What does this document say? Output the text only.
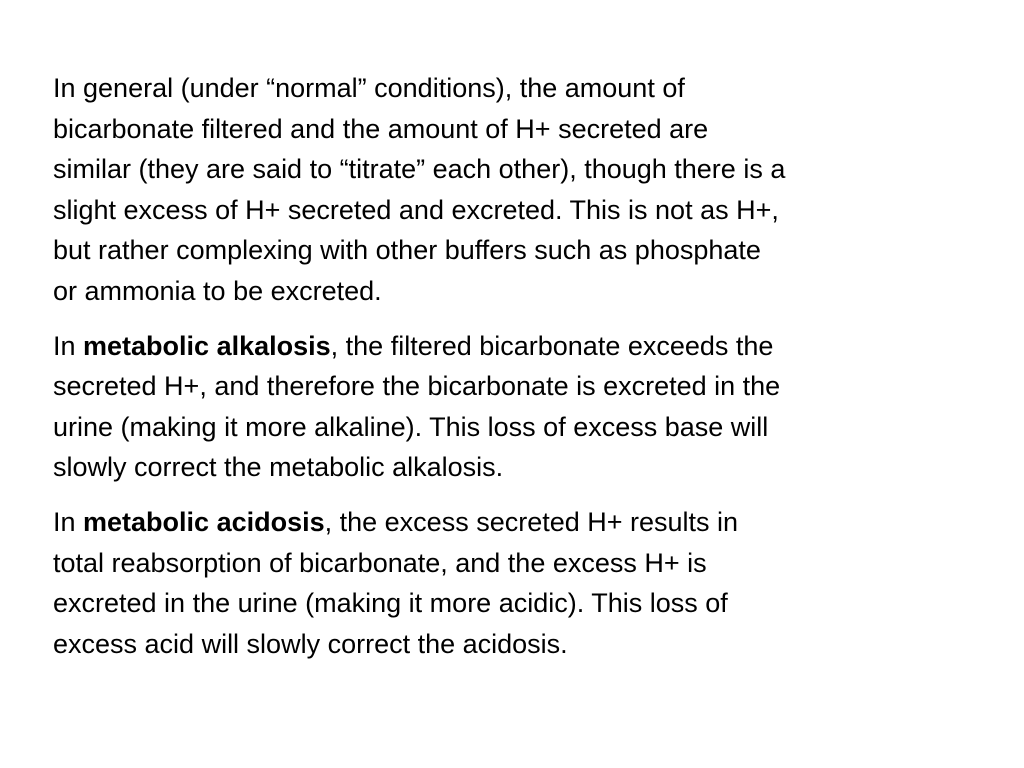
In general (under “normal” conditions), the amount of
bicarbonate filtered and the amount of H+ secreted are
similar (they are said to “titrate” each other), though there is a
slight excess of H+ secreted and excreted. This is not as H+,
but rather complexing with other buffers such as phosphate
or ammonia to be excreted.

In metabolic alkalosis, the filtered bicarbonate exceeds the
secreted H+, and therefore the bicarbonate is excreted in the
urine (making it more alkaline). This loss of excess base will
slowly correct the metabolic alkalosis.

In metabolic acidosis, the excess secreted H+ results in
total reabsorption of bicarbonate, and the excess H+ is
excreted in the urine (making it more acidic). This loss of
excess acid will slowly correct the acidosis.
